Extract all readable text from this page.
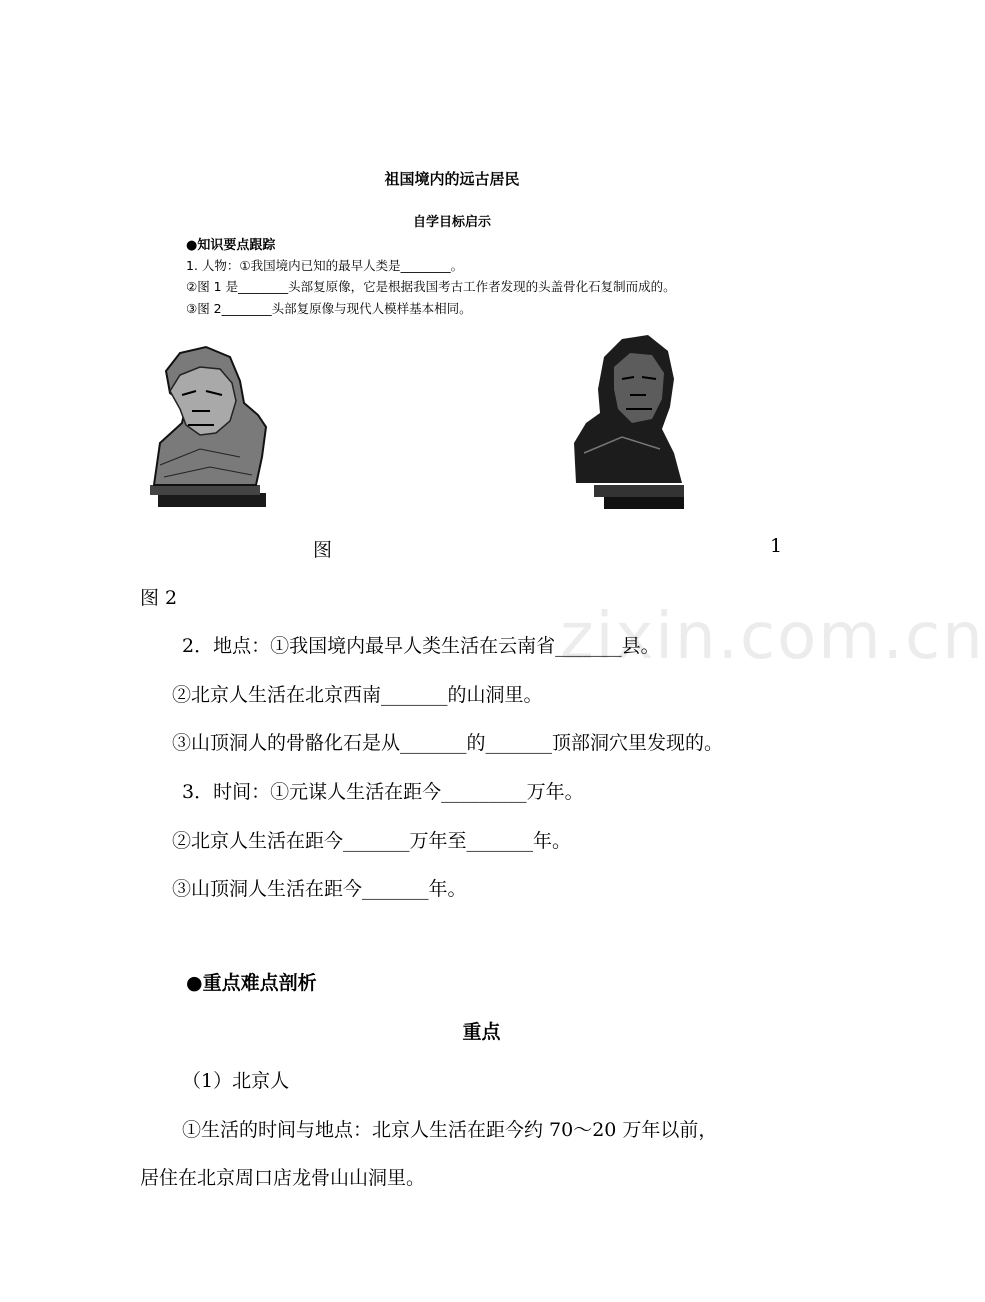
zixin.com.cn
祖国境内的远古居民
自学目标启示
●知识要点跟踪
1. 人物：①我国境内已知的最早人类是________。
②图 1 是________头部复原像，它是根据我国考古工作者发现的头盖骨化石复制而成的。
③图 2________头部复原像与现代人模样基本相同。
图	1
图 2
2．地点：①我国境内最早人类生活在云南省_______县。
②北京人生活在北京西南_______的山洞里。
③山顶洞人的骨骼化石是从_______的_______顶部洞穴里发现的。
3．时间：①元谋人生活在距今_________万年。
②北京人生活在距今_______万年至_______年。
③山顶洞人生活在距今_______年。
●重点难点剖析
重点
（1）北京人
①生活的时间与地点：北京人生活在距今约 70～20 万年以前，
居住在北京周口店龙骨山山洞里。
